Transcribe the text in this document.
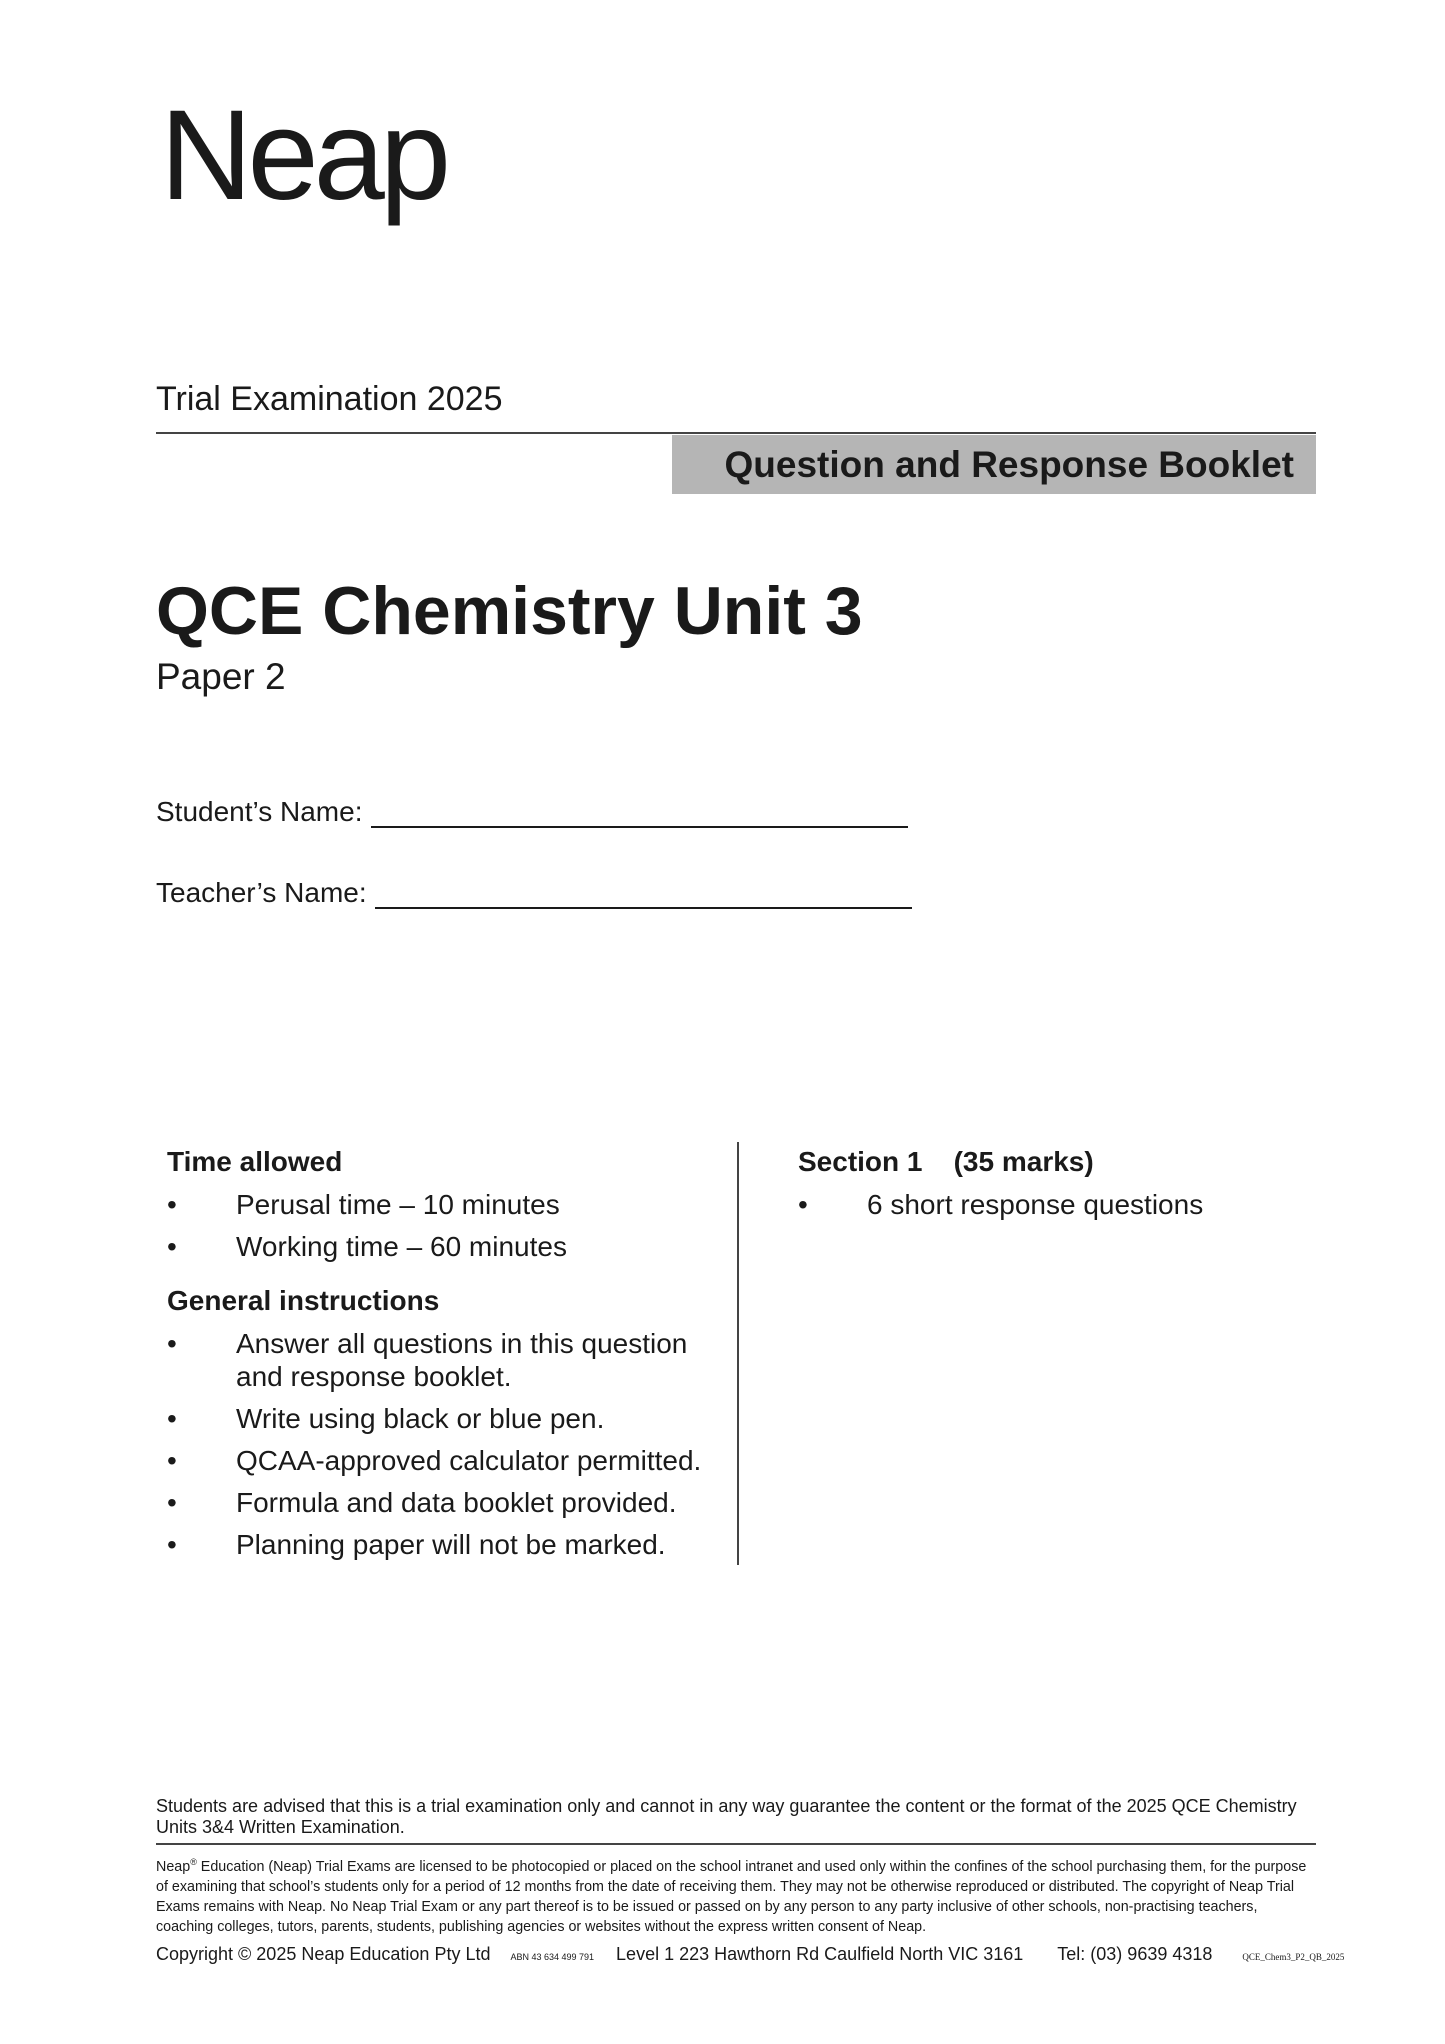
Neap
Trial Examination 2025
Question and Response Booklet
QCE Chemistry Unit 3
Paper 2
Student’s Name:
Teacher’s Name:
Time allowed
• Perusal time – 10 minutes
• Working time – 60 minutes
General instructions
• Answer all questions in this question and response booklet.
• Write using black or blue pen.
• QCAA-approved calculator permitted.
• Formula and data booklet provided.
• Planning paper will not be marked.
Section 1    (35 marks)
• 6 short response questions
Students are advised that this is a trial examination only and cannot in any way guarantee the content or the format of the 2025 QCE Chemistry Units 3&4 Written Examination.
Neap® Education (Neap) Trial Exams are licensed to be photocopied or placed on the school intranet and used only within the confines of the school purchasing them, for the purpose of examining that school’s students only for a period of 12 months from the date of receiving them. They may not be otherwise reproduced or distributed. The copyright of Neap Trial Exams remains with Neap. No Neap Trial Exam or any part thereof is to be issued or passed on by any person to any party inclusive of other schools, non-practising teachers, coaching colleges, tutors, parents, students, publishing agencies or websites without the express written consent of Neap.
Copyright © 2025 Neap Education Pty Ltd ABN 43 634 499 791 Level 1 223 Hawthorn Rd Caulfield North VIC 3161 Tel: (03) 9639 4318	QCE_Chem3_P2_QB_2025
